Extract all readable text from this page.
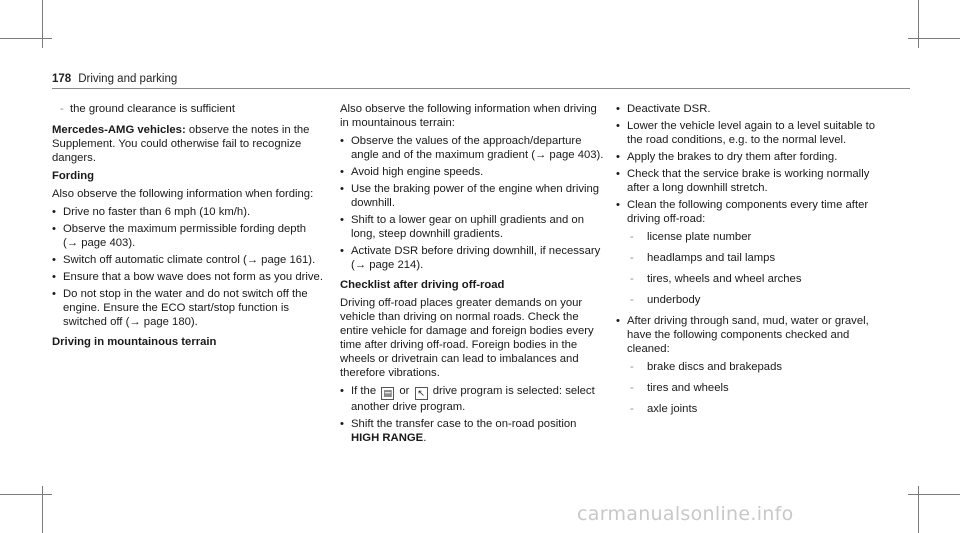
178 Driving and parking
- the ground clearance is sufficient

Mercedes-AMG vehicles: observe the notes in the Supplement. You could otherwise fail to recognize dangers.

Fording

Also observe the following information when fording:

• Drive no faster than 6 mph (10 km/h).
• Observe the maximum permissible fording depth (→ page 403).
• Switch off automatic climate control (→ page 161).
• Ensure that a bow wave does not form as you drive.
• Do not stop in the water and do not switch off the engine. Ensure the ECO start/stop function is switched off (→ page 180).

Driving in mountainous terrain

Also observe the following information when driving in mountainous terrain:

• Observe the values of the approach/departure angle and of the maximum gradient (→ page 403).
• Avoid high engine speeds.
• Use the braking power of the engine when driving downhill.
• Shift to a lower gear on uphill gradients and on long, steep downhill gradients.
• Activate DSR before driving downhill, if necessary (→ page 214).

Checklist after driving off-road

Driving off-road places greater demands on your vehicle than driving on normal roads. Check the entire vehicle for damage and foreign bodies every time after driving off-road. Foreign bodies in the wheels or drivetrain can lead to imbalances and therefore vibrations.

• If the ▤ or ↖ drive program is selected: select another drive program.
• Shift the transfer case to the on-road position HIGH RANGE.
• Deactivate DSR.
• Lower the vehicle level again to a level suitable to the road conditions, e.g. to the normal level.
• Apply the brakes to dry them after fording.
• Check that the service brake is working normally after a long downhill stretch.
• Clean the following components every time after driving off-road:
- license plate number
- headlamps and tail lamps
- tires, wheels and wheel arches
- underbody
• After driving through sand, mud, water or gravel, have the following components checked and cleaned:
- brake discs and brakepads
- tires and wheels
- axle joints
carmanualsonline.info
